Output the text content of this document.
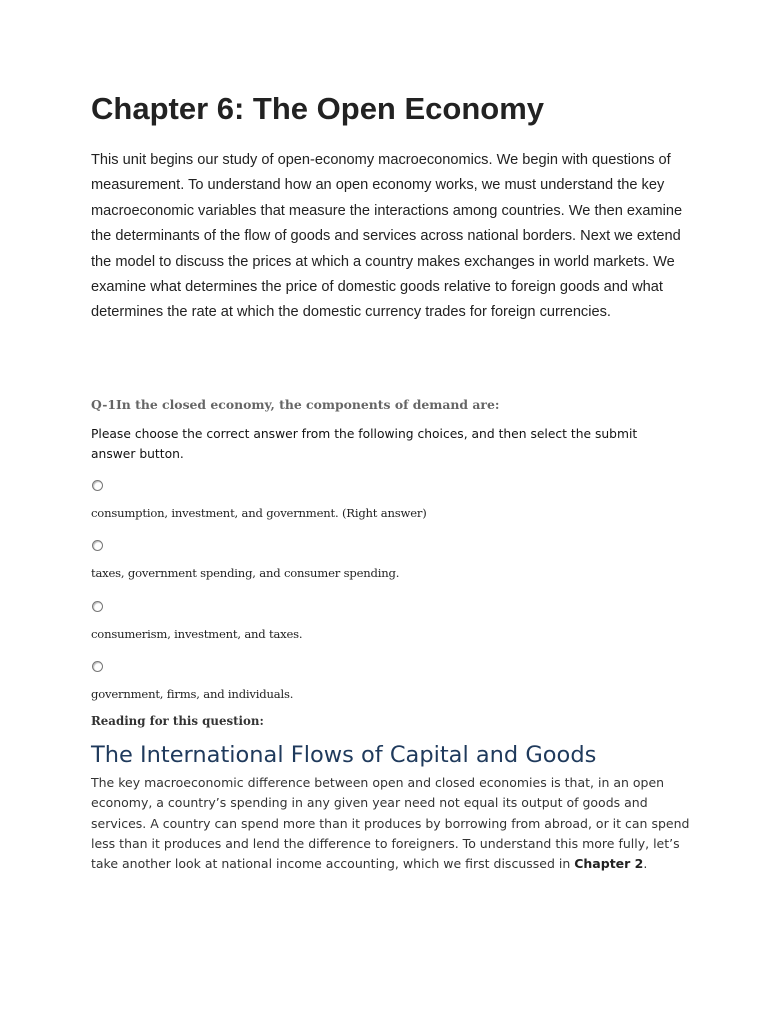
Chapter 6: The Open Economy

This unit begins our study of open-economy macroeconomics. We begin with questions of measurement. To understand how an open economy works, we must understand the key macroeconomic variables that measure the interactions among countries. We then examine the determinants of the flow of goods and services across national borders. Next we extend the model to discuss the prices at which a country makes exchanges in world markets. We examine what determines the price of domestic goods relative to foreign goods and what determines the rate at which the domestic currency trades for foreign currencies.

Q-1In the closed economy, the components of demand are:

Please choose the correct answer from the following choices, and then select the submit answer button.

consumption, investment, and government. (Right answer)

taxes, government spending, and consumer spending.

consumerism, investment, and taxes.

government, firms, and individuals.

Reading for this question:

The International Flows of Capital and Goods

The key macroeconomic difference between open and closed economies is that, in an open economy, a country’s spending in any given year need not equal its output of goods and services. A country can spend more than it produces by borrowing from abroad, or it can spend less than it produces and lend the difference to foreigners. To understand this more fully, let’s take another look at national income accounting, which we first discussed in Chapter 2.
